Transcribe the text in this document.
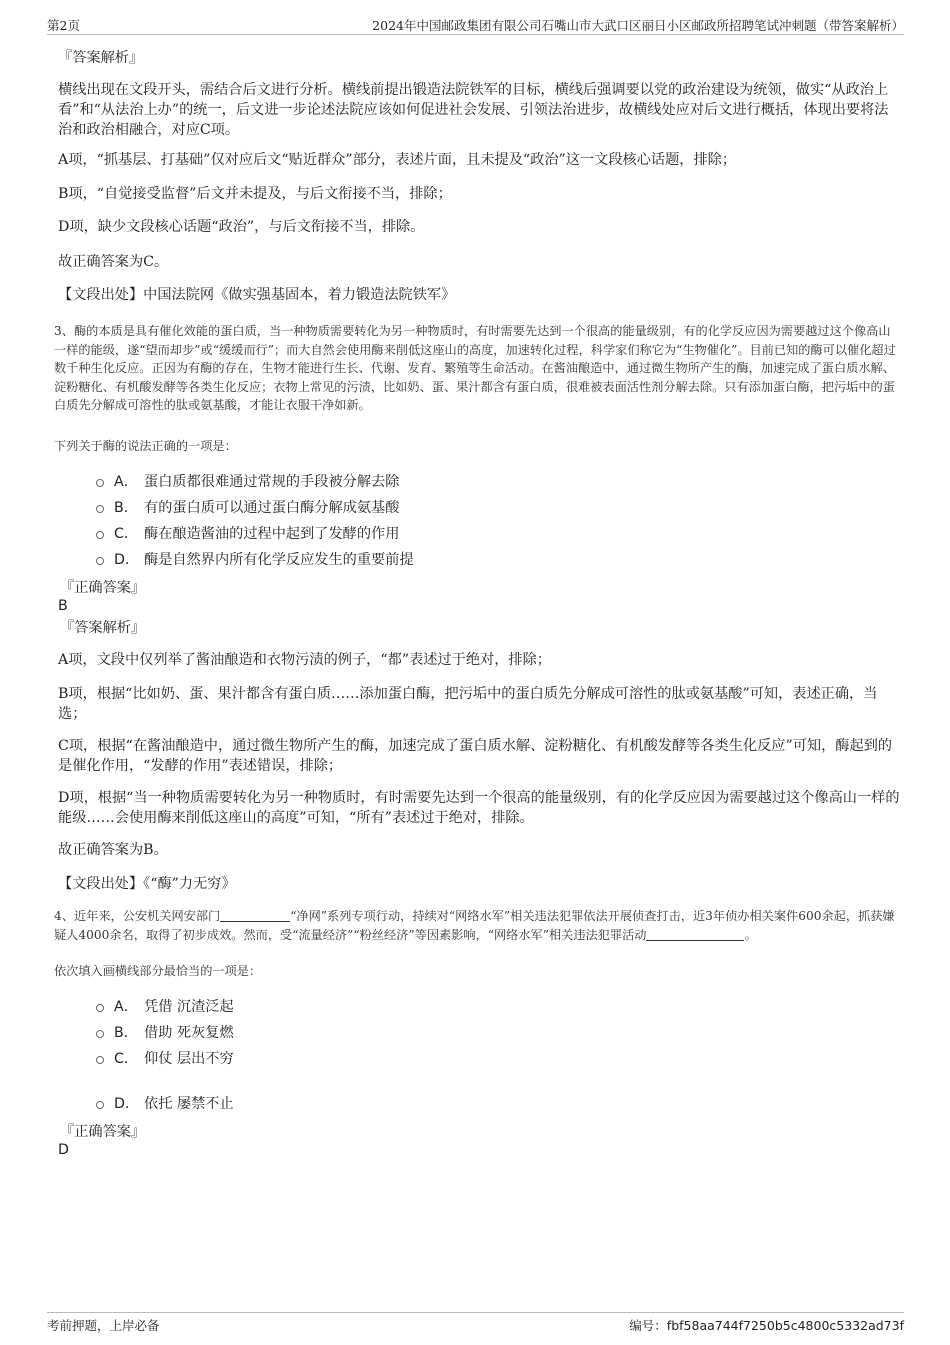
第2页	2024年中国邮政集团有限公司石嘴山市大武口区丽日小区邮政所招聘笔试冲刺题（带答案解析）
『答案解析』
横线出现在文段开头，需结合后文进行分析。横线前提出锻造法院铁军的目标，横线后强调要以党的政治建设为统领，做实“从政治上看”和“从法治上办”的统一，后文进一步论述法院应该如何促进社会发展、引领法治进步，故横线处应对后文进行概括，体现出要将法治和政治相融合，对应C项。
A项，“抓基层、打基础”仅对应后文“贴近群众”部分，表述片面，且未提及“政治”这一文段核心话题，排除；
B项，“自觉接受监督”后文并未提及，与后文衔接不当，排除；
D项，缺少文段核心话题“政治”，与后文衔接不当，排除。
故正确答案为C。
【文段出处】中国法院网《做实强基固本，着力锻造法院铁军》
3、酶的本质是具有催化效能的蛋白质，当一种物质需要转化为另一种物质时，有时需要先达到一个很高的能量级别，有的化学反应因为需要越过这个像高山一样的能级，遂“望而却步”或“缓缓而行”；而大自然会使用酶来削低这座山的高度，加速转化过程，科学家们称它为“生物催化”。目前已知的酶可以催化超过数千种生化反应。正因为有酶的存在，生物才能进行生长、代谢、发育、繁殖等生命活动。在酱油酿造中，通过微生物所产生的酶，加速完成了蛋白质水解、淀粉糖化、有机酸发酵等各类生化反应；衣物上常见的污渍，比如奶、蛋、果汁都含有蛋白质，很难被表面活性剂分解去除。只有添加蛋白酶，把污垢中的蛋白质先分解成可溶性的肽或氨基酸，才能让衣服干净如新。
下列关于酶的说法正确的一项是：
A． 蛋白质都很难通过常规的手段被分解去除
B． 有的蛋白质可以通过蛋白酶分解成氨基酸
C． 酶在酿造酱油的过程中起到了发酵的作用
D． 酶是自然界内所有化学反应发生的重要前提
『正确答案』
B
『答案解析』
A项，文段中仅列举了酱油酿造和衣物污渍的例子，“都”表述过于绝对，排除；
B项，根据“比如奶、蛋、果汁都含有蛋白质……添加蛋白酶，把污垢中的蛋白质先分解成可溶性的肽或氨基酸”可知，表述正确，当选；
C项，根据“在酱油酿造中，通过微生物所产生的酶，加速完成了蛋白质水解、淀粉糖化、有机酸发酵等各类生化反应”可知，酶起到的是催化作用，“发酵的作用”表述错误，排除；
D项，根据“当一种物质需要转化为另一种物质时，有时需要先达到一个很高的能量级别，有的化学反应因为需要越过这个像高山一样的能级……会使用酶来削低这座山的高度”可知，“所有”表述过于绝对，排除。
故正确答案为B。
【文段出处】《“酶”力无穷》
4、近年来，公安机关网安部门	“净网”系列专项行动，持续对“网络水军”相关违法犯罪依法开展侦查打击，近3年侦办相关案件600余起，抓获嫌疑人4000余名，取得了初步成效。然而，受“流量经济”“粉丝经济”等因素影响，“网络水军”相关违法犯罪活动	。
依次填入画横线部分最恰当的一项是：
A． 凭借 沉渣泛起
B． 借助 死灰复燃
C． 仰仗 层出不穷
D． 依托 屡禁不止
『正确答案』
D
考前押题，上岸必备	编号：fbf58aa744f7250b5c4800c5332ad73f
